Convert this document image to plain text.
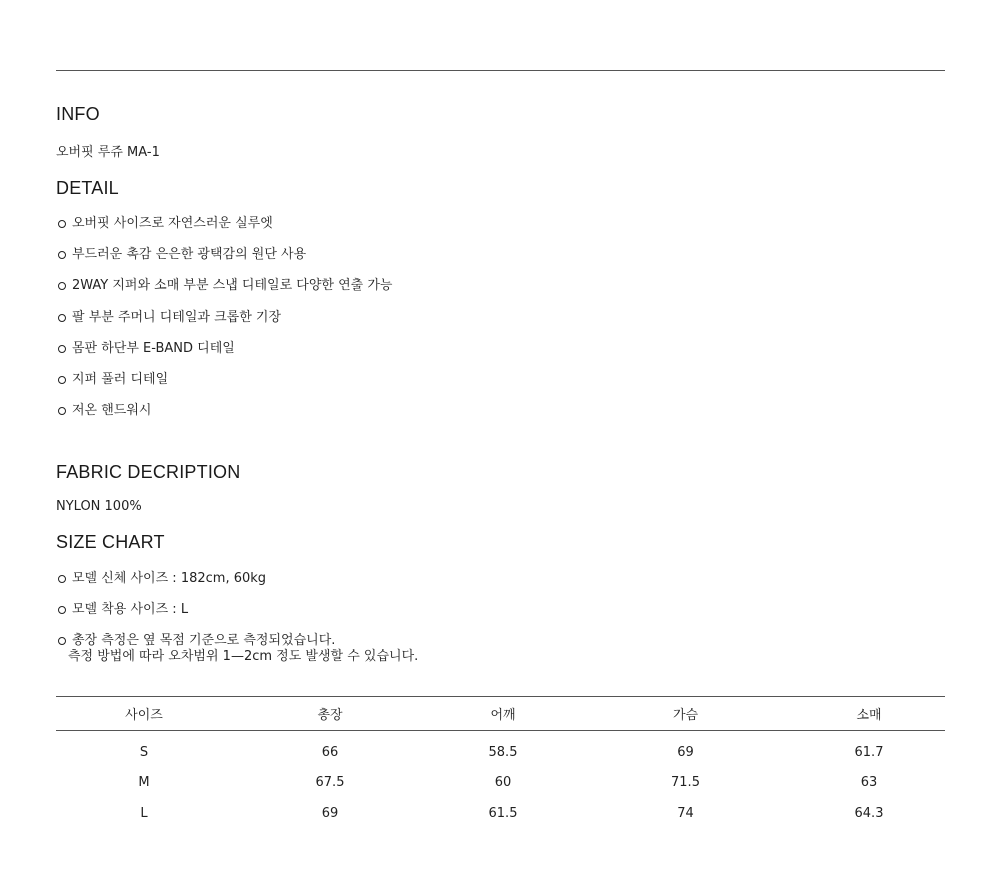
INFO

오버핏 루쥬 MA-1

DETAIL
오버핏 사이즈로 자연스러운 실루엣
부드러운 촉감 은은한 광택감의 원단 사용
2WAY 지퍼와 소매 부분 스냅 디테일로 다양한 연출 가능
팔 부분 주머니 디테일과 크롭한 기장
몸판 하단부 E-BAND 디테일
지퍼 풀러 디테일
저온 핸드워시
FABRIC DECRIPTION

NYLON 100%

SIZE CHART
모델 신체 사이즈 : 182cm, 60kg
모델 착용 사이즈 : L
총장 측정은 옆 목점 기준으로 측정되었습니다.
측정 방법에 따라 오차범위 1—2cm 정도 발생할 수 있습니다.
사이즈	총장	어깨	가슴	소매
S	66	58.5	69	61.7
M	67.5	60	71.5	63
L	69	61.5	74	64.3
